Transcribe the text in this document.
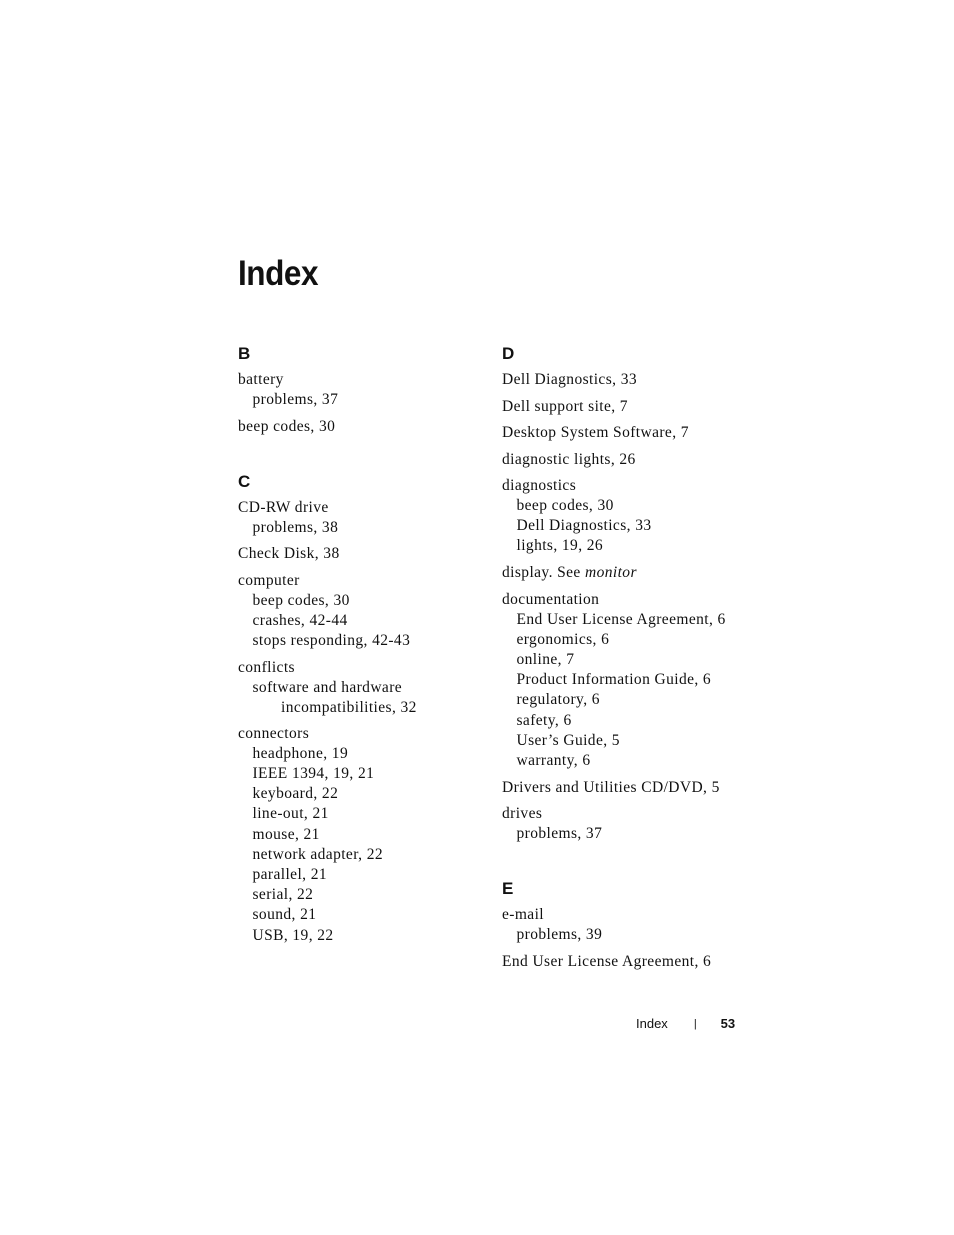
Index
B
battery
problems, 37
beep codes, 30
C
CD-RW drive
problems, 38
Check Disk, 38
computer
beep codes, 30
crashes, 42-44
stops responding, 42-43
conflicts
software and hardware
incompatibilities, 32
connectors
headphone, 19
IEEE 1394, 19, 21
keyboard, 22
line-out, 21
mouse, 21
network adapter, 22
parallel, 21
serial, 22
sound, 21
USB, 19, 22
D
Dell Diagnostics, 33
Dell support site, 7
Desktop System Software, 7
diagnostic lights, 26
diagnostics
beep codes, 30
Dell Diagnostics, 33
lights, 19, 26
display. See monitor
documentation
End User License Agreement, 6
ergonomics, 6
online, 7
Product Information Guide, 6
regulatory, 6
safety, 6
User’s Guide, 5
warranty, 6
Drivers and Utilities CD/DVD, 5
drives
problems, 37
E
e-mail
problems, 39
End User License Agreement, 6
Index | 53
